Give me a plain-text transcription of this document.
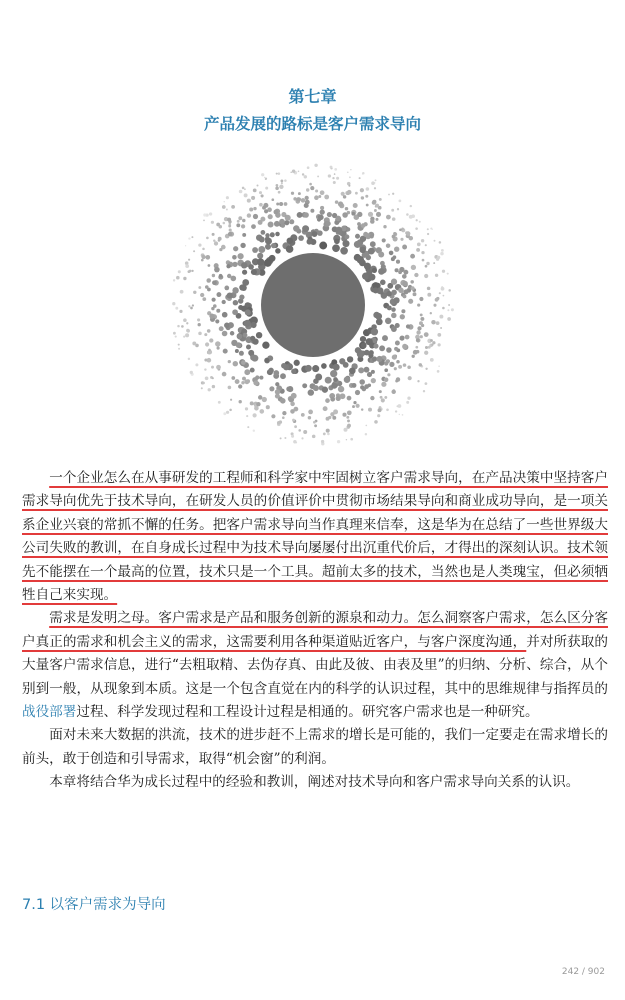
第七章
产品发展的路标是客户需求导向

一个企业怎么在从事研发的工程师和科学家中牢固树立客户需求导向，在产品决策中坚持客户需求导向优先于技术导向，在研发人员的价值评价中贯彻市场结果导向和商业成功导向，是一项关系企业兴衰的常抓不懈的任务。把客户需求导向当作真理来信奉，这是华为在总结了一些世界级大公司失败的教训，在自身成长过程中为技术导向屡屡付出沉重代价后，才得出的深刻认识。技术领先不能摆在一个最高的位置，技术只是一个工具。超前太多的技术，当然也是人类瑰宝，但必须牺牲自己来实现。

需求是发明之母。客户需求是产品和服务创新的源泉和动力。怎么洞察客户需求，怎么区分客户真正的需求和机会主义的需求，这需要利用各种渠道贴近客户，与客户深度沟通，并对所获取的大量客户需求信息，进行“去粗取精、去伪存真、由此及彼、由表及里”的归纳、分析、综合，从个别到一般，从现象到本质。这是一个包含直觉在内的科学的认识过程，其中的思维规律与指挥员的战役部署过程、科学发现过程和工程设计过程是相通的。研究客户需求也是一种研究。

面对未来大数据的洪流，技术的进步赶不上需求的增长是可能的，我们一定要走在需求增长的前头，敢于创造和引导需求，取得“机会窗”的利润。

本章将结合华为成长过程中的经验和教训，阐述对技术导向和客户需求导向关系的认识。

7.1 以客户需求为导向
242 / 902
